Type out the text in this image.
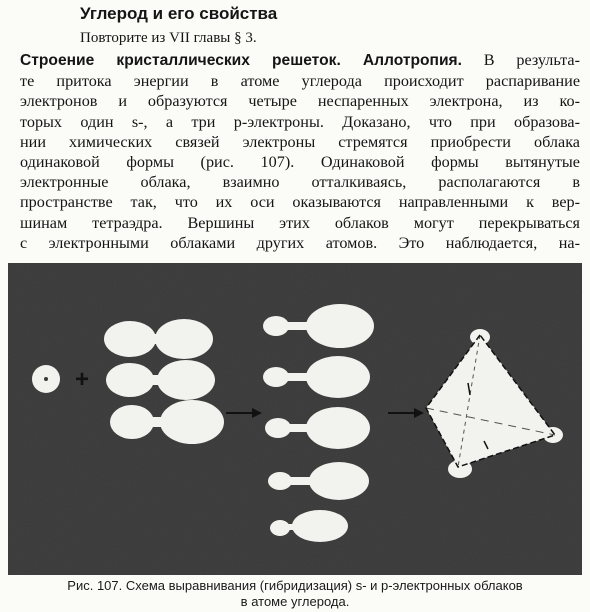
Углерод и его свойства
Повторите из VII главы § 3.
Строение кристаллических решеток. Аллотропия. В результа-
те притока энергии в атоме углерода происходит распаривание
электронов и образуются четыре неспаренных электрона, из ко-
торых один s-, а три p-электроны. Доказано, что при образова-
нии химических связей электроны стремятся приобрести облака
одинаковой формы (рис. 107). Одинаковой формы вытянутые
электронные облака, взаимно отталкиваясь, располагаются в
пространстве так, что их оси оказываются направленными к вер-
шинам тетраэдра. Вершины этих облаков могут перекрываться
с электронными облаками других атомов. Это наблюдается, на-
+
Рис. 107. Схема выравнивания (гибридизация) s- и p-электронных облаков
в атоме углерода.
